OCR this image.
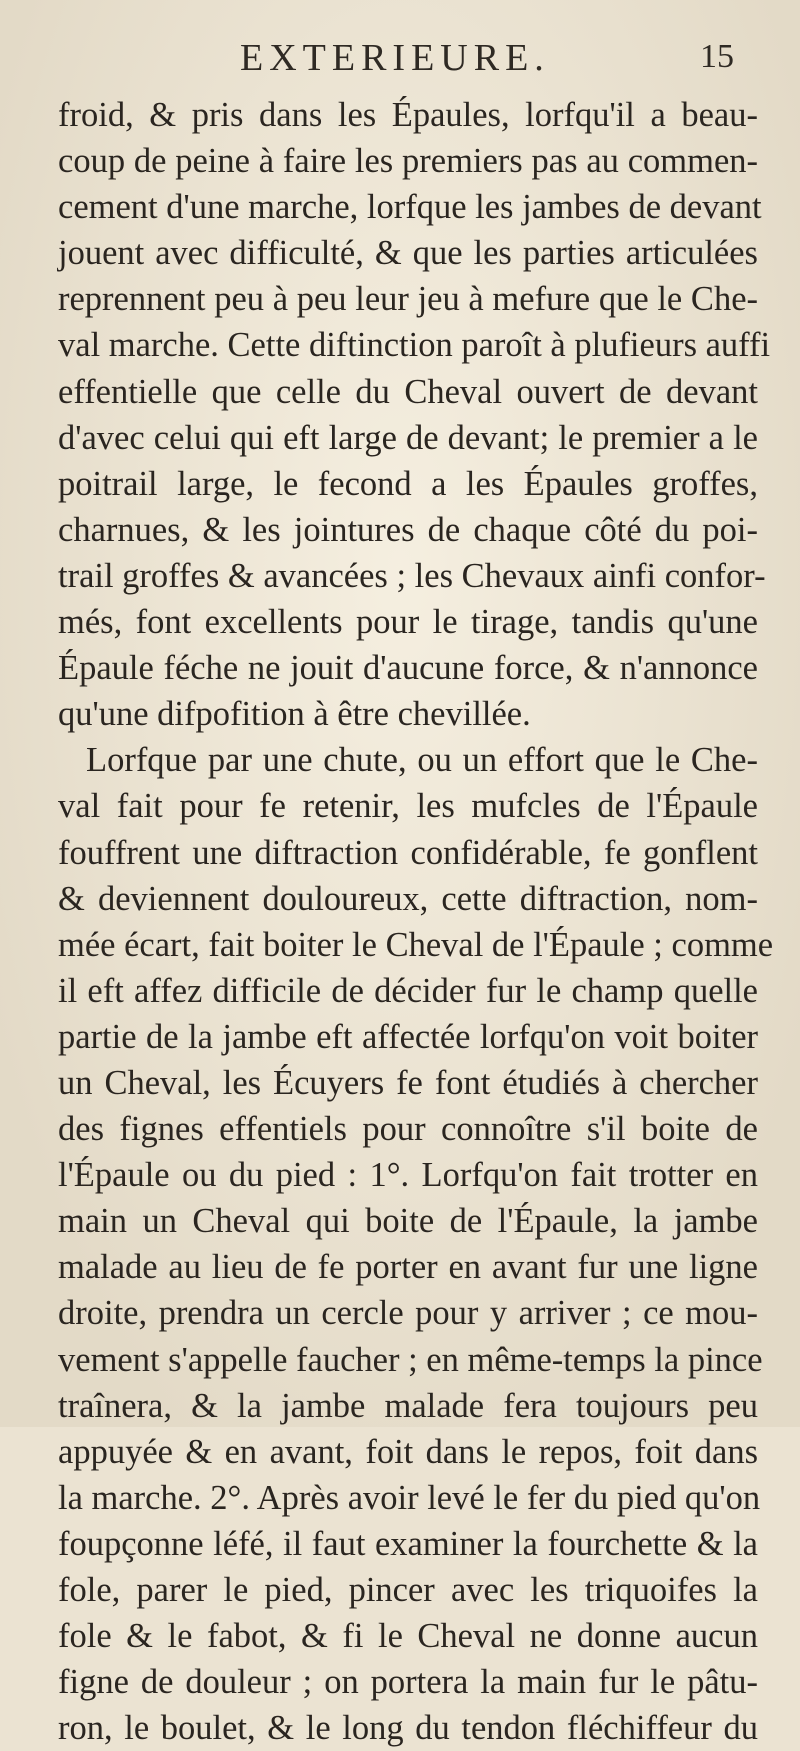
EXTERIEURE.	15
froid, & pris dans les Épaules, lorfqu'il a beau-
coup de peine à faire les premiers pas au commen-
cement d'une marche, lorfque les jambes de devant
jouent avec difficulté, & que les parties articulées
reprennent peu à peu leur jeu à mefure que le Che-
val marche. Cette diftinction paroît à plufieurs auffi
effentielle que celle du Cheval ouvert de devant
d'avec celui qui eft large de devant; le premier a le
poitrail large, le fecond a les Épaules groffes,
charnues, & les jointures de chaque côté du poi-
trail groffes & avancées ; les Chevaux ainfi confor-
més, font excellents pour le tirage, tandis qu'une
Épaule féche ne jouit d'aucune force, & n'annonce
qu'une difpofition à être chevillée.
Lorfque par une chute, ou un effort que le Che-
val fait pour fe retenir, les mufcles de l'Épaule
fouffrent une diftraction confidérable, fe gonflent
& deviennent douloureux, cette diftraction, nom-
mée écart, fait boiter le Cheval de l'Épaule ; comme
il eft affez difficile de décider fur le champ quelle
partie de la jambe eft affectée lorfqu'on voit boiter
un Cheval, les Écuyers fe font étudiés à chercher
des fignes effentiels pour connoître s'il boite de
l'Épaule ou du pied : 1°. Lorfqu'on fait trotter en
main un Cheval qui boite de l'Épaule, la jambe
malade au lieu de fe porter en avant fur une ligne
droite, prendra un cercle pour y arriver ; ce mou-
vement s'appelle faucher ; en même-temps la pince
traînera, & la jambe malade fera toujours peu
appuyée & en avant, foit dans le repos, foit dans
la marche. 2°. Après avoir levé le fer du pied qu'on
foupçonne léfé, il faut examiner la fourchette & la
fole, parer le pied, pincer avec les triquoifes la
fole & le fabot, & fi le Cheval ne donne aucun
figne de douleur ; on portera la main fur le pâtu-
ron, le boulet, & le long du tendon fléchiffeur du
